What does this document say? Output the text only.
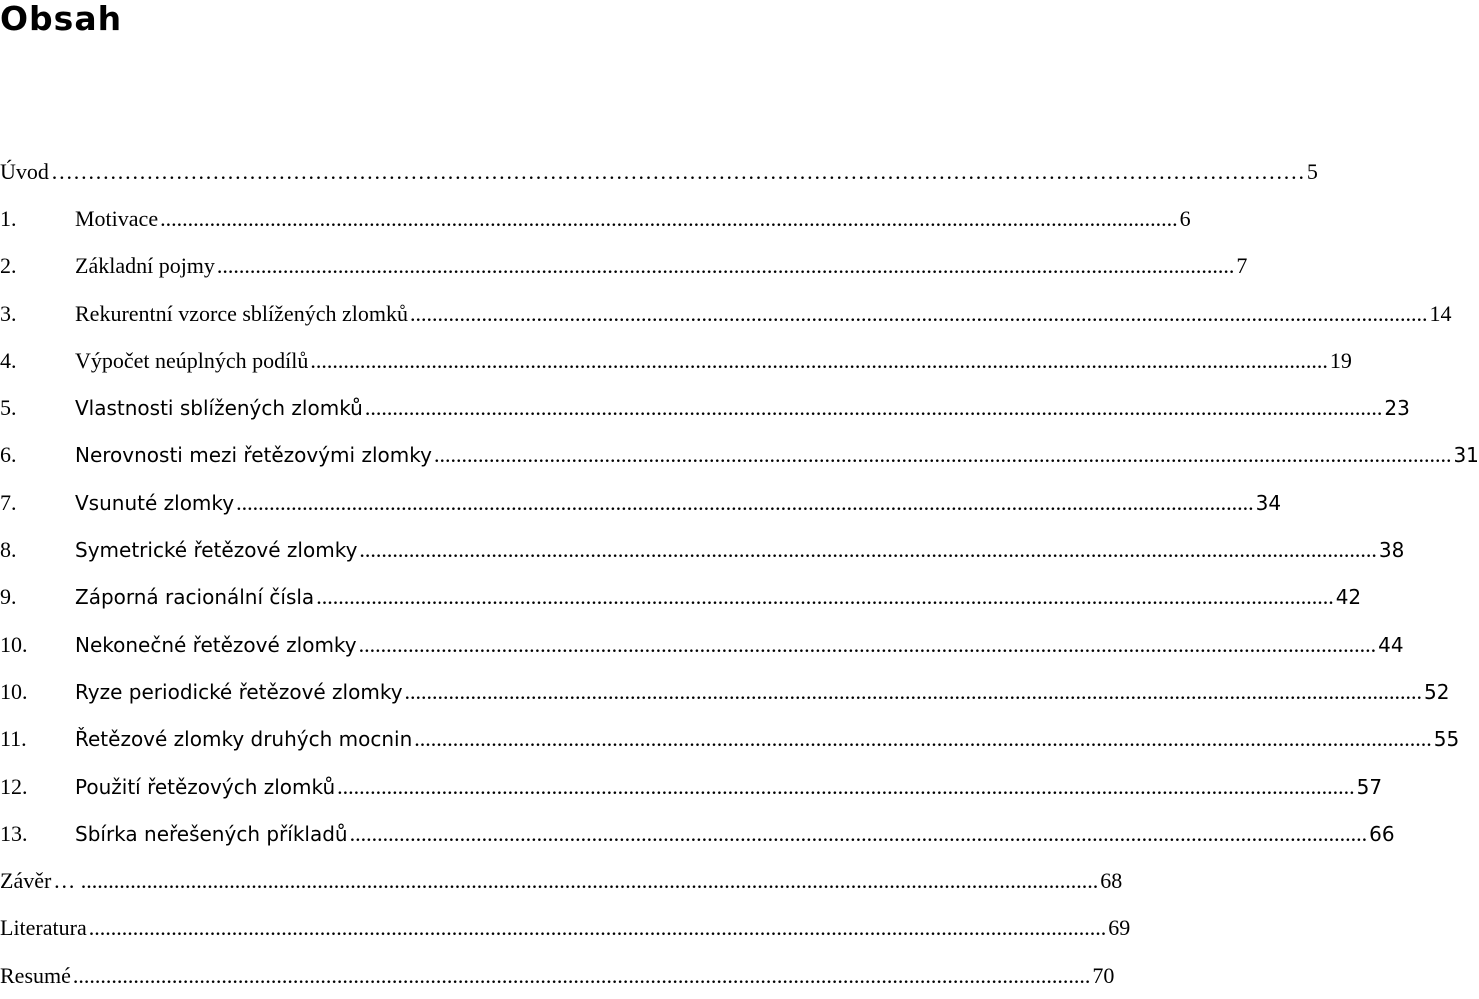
Obsah
Úvod ……………………………………………………………………………………………………………………………………………………… 5
1.	Motivace ......................................................................................................................................................................................... 6
2.	Základní pojmy ......................................................................................................................................................................................... 7
3.	Rekurentní vzorce sblížených zlomků ......................................................................................................................................................................................... 14
4.	Výpočet neúplných podílů ......................................................................................................................................................................................... 19
5.	Vlastnosti sblížených zlomků ......................................................................................................................................................................................... 23
6.	Nerovnosti mezi řetězovými zlomky ......................................................................................................................................................................................... 31
7.	Vsunuté zlomky ......................................................................................................................................................................................... 34
8.	Symetrické řetězové zlomky ......................................................................................................................................................................................... 38
9.	Záporná racionální čísla ......................................................................................................................................................................................... 42
10.	Nekonečné řetězové zlomky ......................................................................................................................................................................................... 44
10.	Ryze periodické řetězové zlomky ......................................................................................................................................................................................... 52
11.	Řetězové zlomky druhých mocnin ......................................................................................................................................................................................... 55
12.	Použití řetězových zlomků ......................................................................................................................................................................................... 57
13.	Sbírka neřešených příkladů ......................................................................................................................................................................................... 66
Závěr … ......................................................................................................................................................................................... 68
Literatura ......................................................................................................................................................................................... 69
Resumé ......................................................................................................................................................................................... 70
